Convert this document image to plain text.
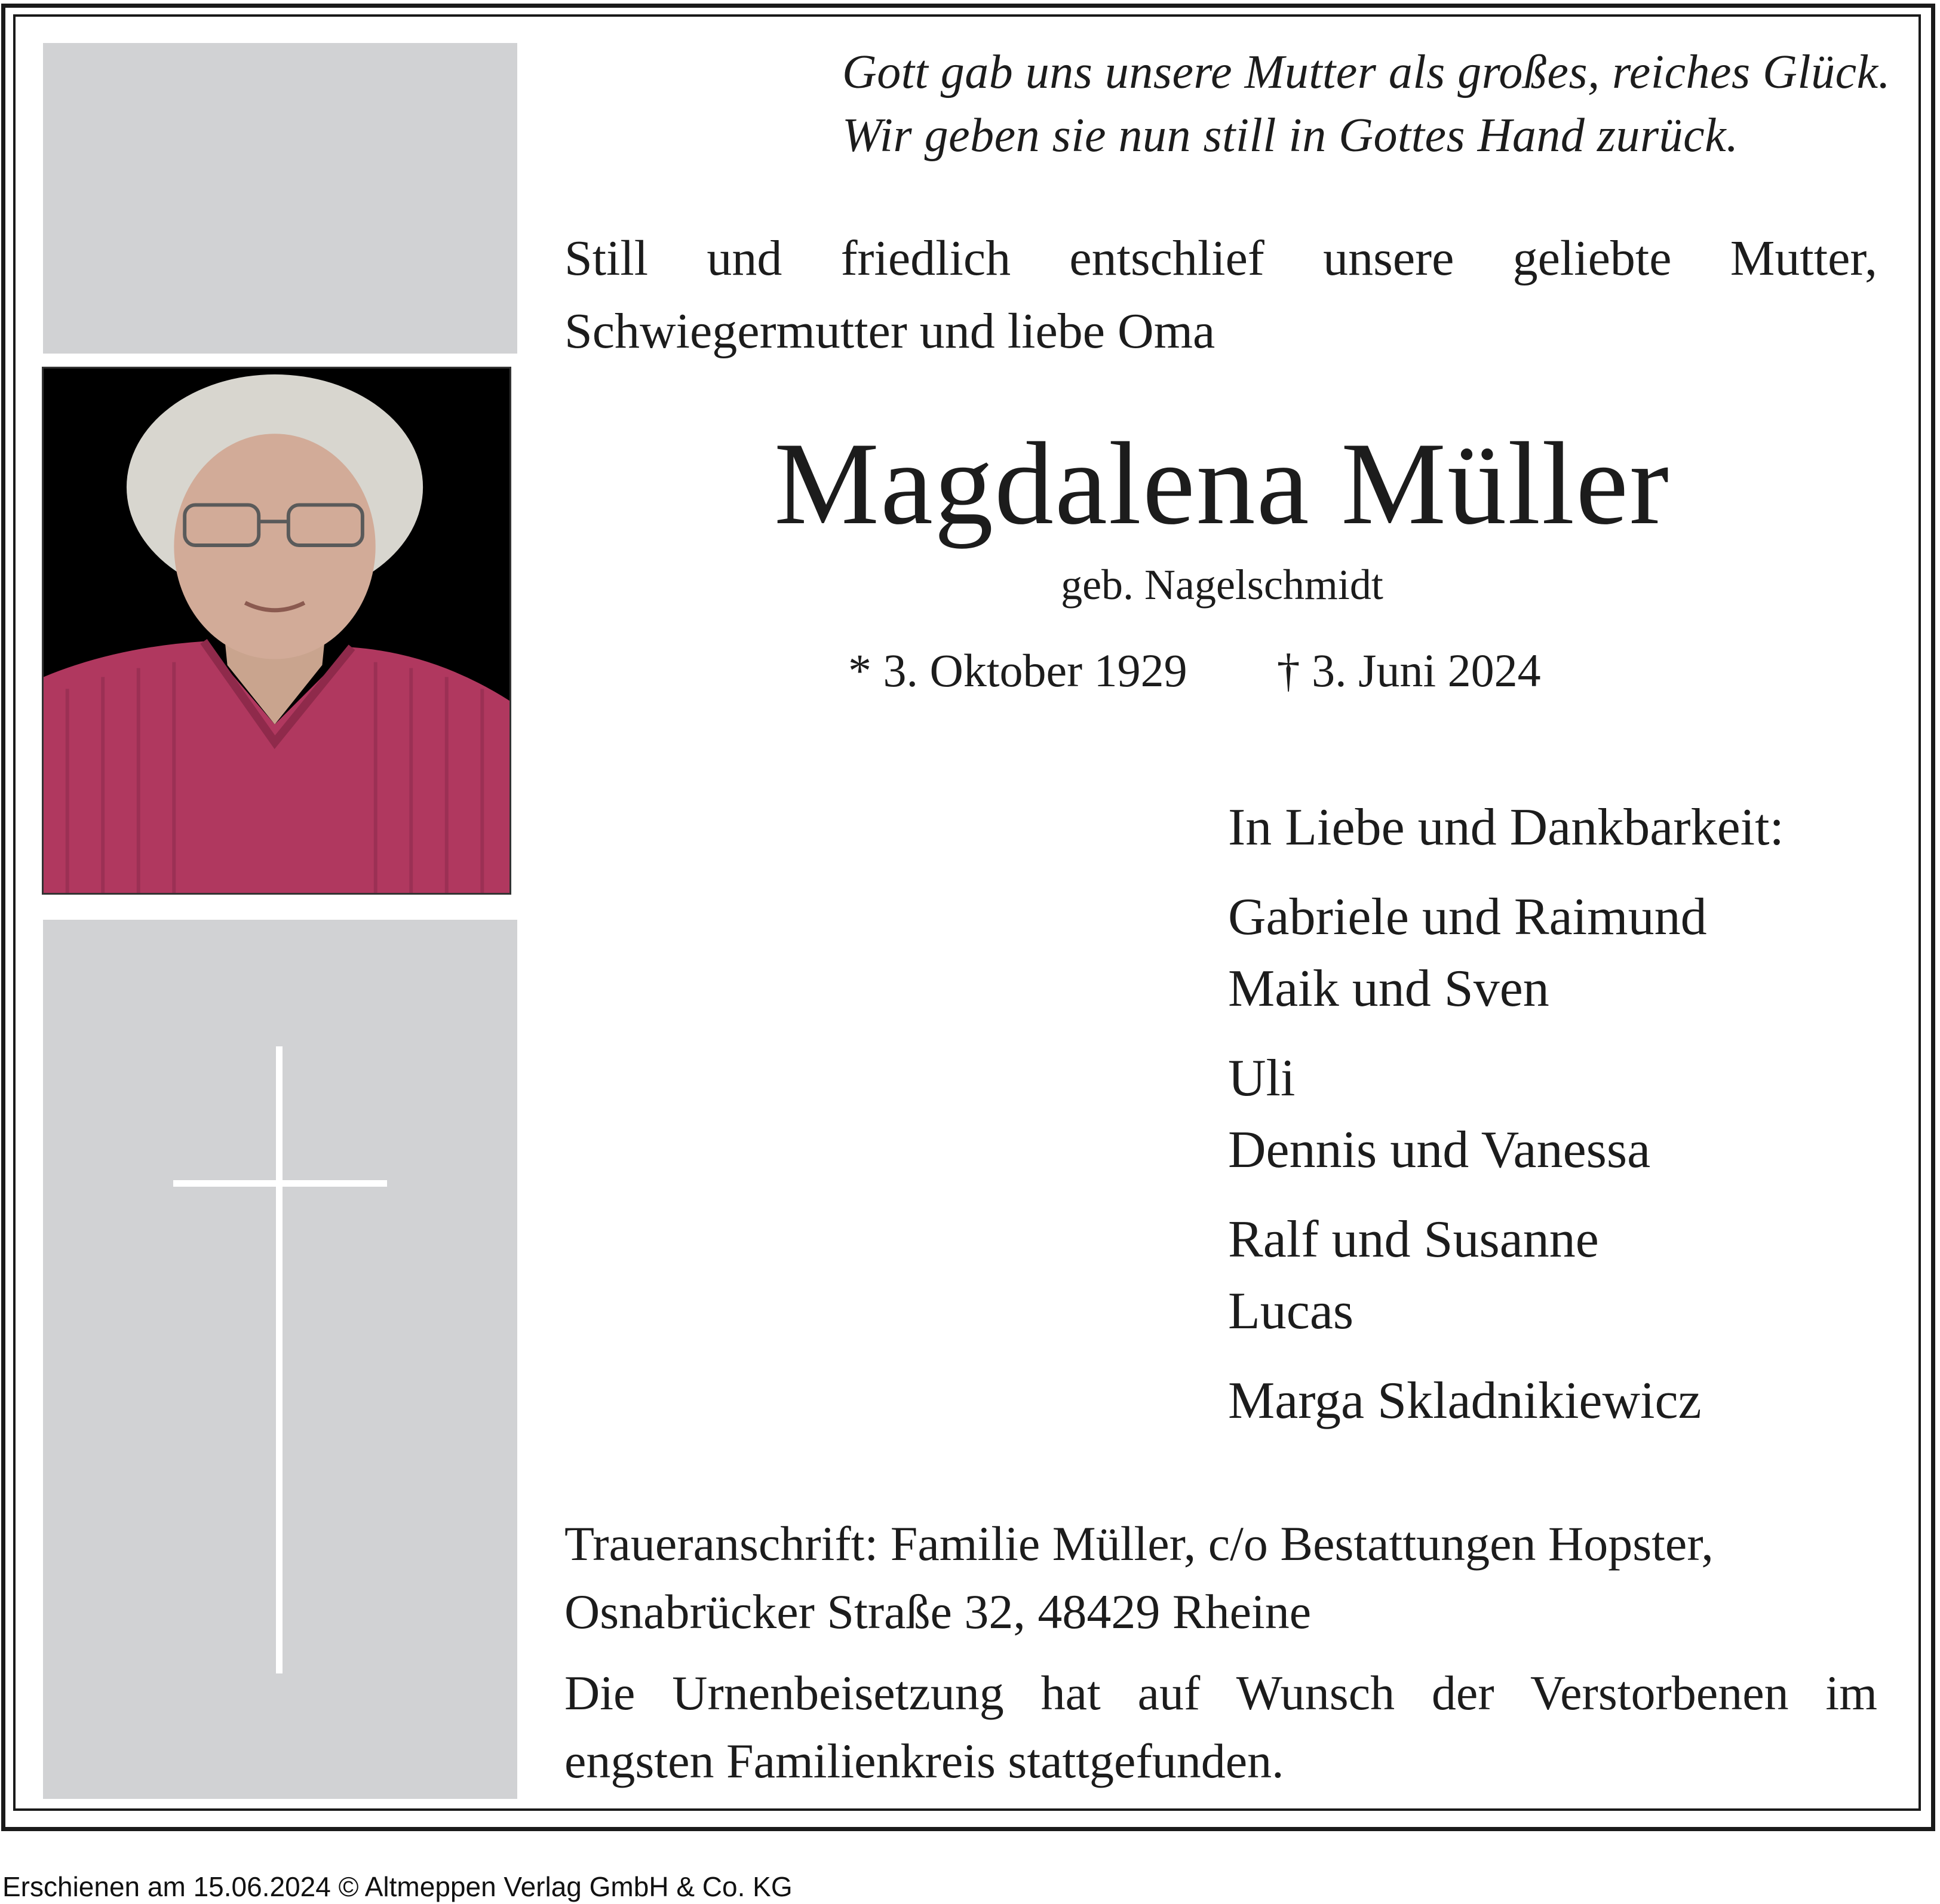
Gott gab uns unsere Mutter als großes, reiches Glück.

Wir geben sie nun still in Gottes Hand zurück.

Still und friedlich entschlief unsere geliebte Mutter,

Schwiegermutter und liebe Oma

Magdalena Müller

geb. Nagelschmidt

* 3. Oktober 1929 † 3. Juni 2024

In Liebe und Dankbarkeit:
Gabriele und Raimund
Maik und Sven
Uli
Dennis und Vanessa
Ralf und Susanne
Lucas
Marga Skladnikiewicz

Traueranschrift: Familie Müller, c/o Bestattungen Hopster,

Osnabrücker Straße 32, 48429 Rheine

Die Urnenbeisetzung hat auf Wunsch der Verstorbenen im

engsten Familienkreis stattgefunden.

Erschienen am 15.06.2024 © Altmeppen Verlag GmbH & Co. KG
